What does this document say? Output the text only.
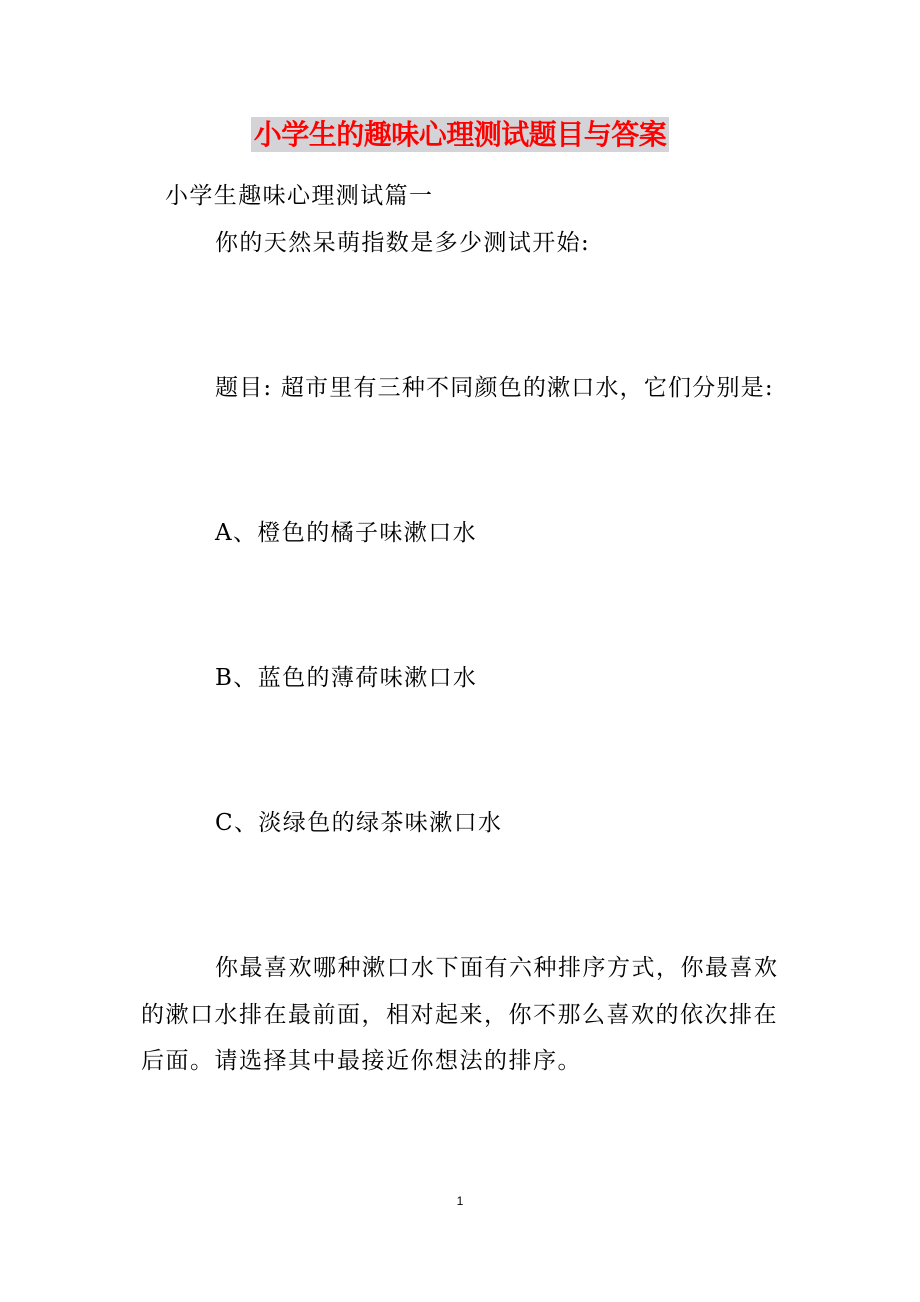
小学生的趣味心理测试题目与答案
小学生趣味心理测试篇一
你的天然呆萌指数是多少测试开始:
题目: 超市里有三种不同颜色的漱口水，它们分别是:
A、橙色的橘子味漱口水
B、蓝色的薄荷味漱口水
C、淡绿色的绿茶味漱口水
你最喜欢哪种漱口水下面有六种排序方式，你最喜欢
的漱口水排在最前面，相对起来，你不那么喜欢的依次排在
后面。请选择其中最接近你想法的排序。
1
